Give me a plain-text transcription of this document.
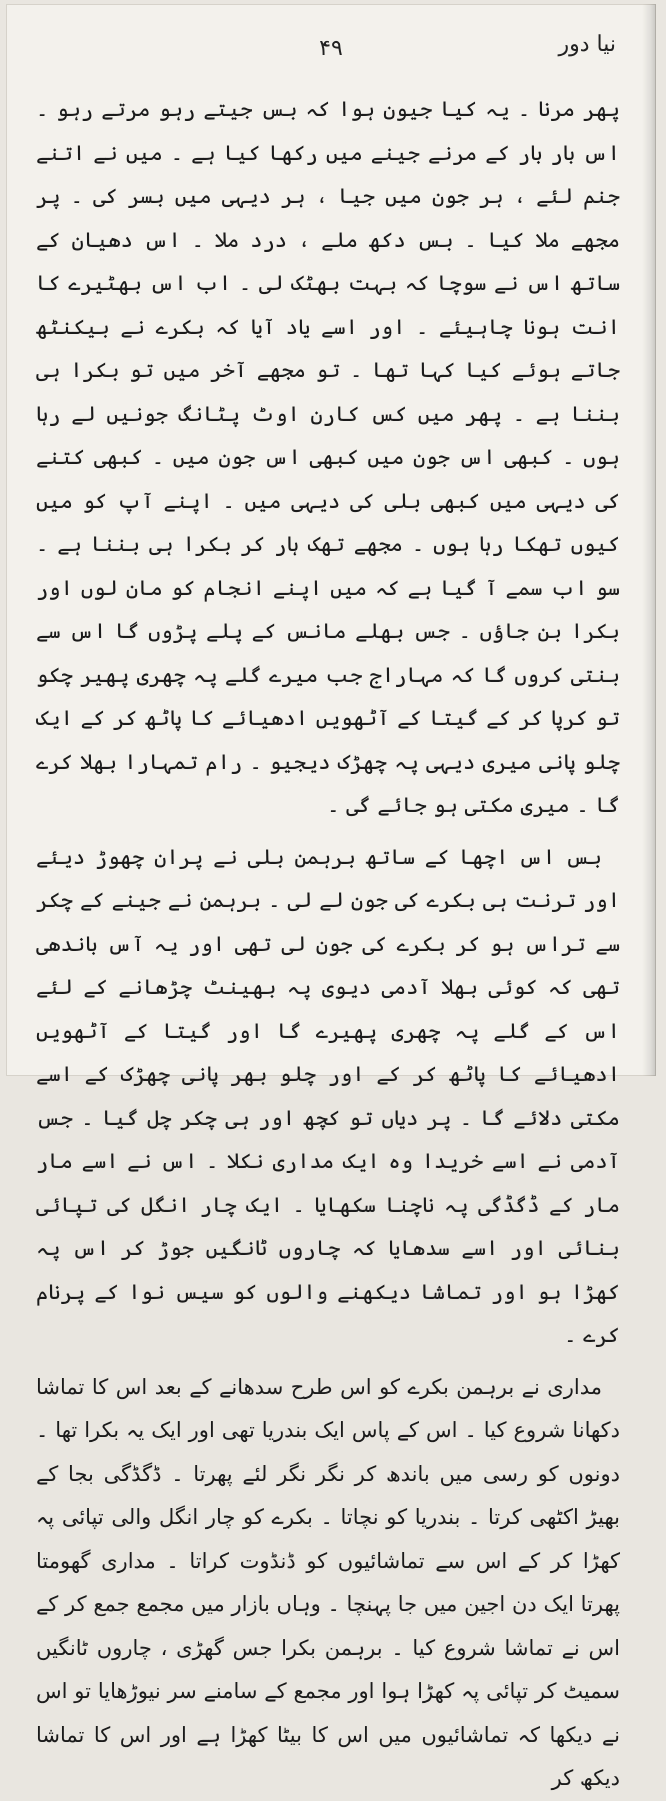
نیا دور
۴۹

پھر مرنا ۔ یہ کیا جیون ہوا کہ بس جیتے رہو مرتے رہو ۔ اس بار بار کے مرنے جینے میں رکھا کیا ہے ۔ میں نے اتنے جنم لئے ، ہر جون میں جیا ، ہر دیہی میں بسر کی ۔ پر مجھے ملا کیا ۔ بس دکھ ملے ، درد ملا ۔ اس دھیان کے ساتھ اس نے سوچا کہ بہت بھٹک لی ۔ اب اس بھٹیرے کا انت ہونا چاہیئے ۔ اور اسے یاد آیا کہ بکرے نے بیکنٹھ جاتے ہوئے کیا کہا تھا ۔ تو مجھے آخر میں تو بکرا ہی بننا ہے ۔ پھر میں کس کارن اوٹ پٹانگ جونیں لے رہا ہوں ۔ کبھی اس جون میں کبھی اس جون میں ۔ کبھی کتنے کی دیہی میں کبھی بلی کی دیہی میں ۔ اپنے آپ کو میں کیوں تھکا رہا ہوں ۔ مجھے تھک ہار کر بکرا ہی بننا ہے ۔ سو اب سمے آ گیا ہے کہ میں اپنے انجام کو مان لوں اور بکرا بن جاؤں ۔ جس بھلے مانس کے پلے پڑوں گا اس سے بنتی کروں گا کہ مہاراج جب میرے گلے پہ چھری پھیر چکو تو کرپا کر کے گیتا کے آٹھویں ادھیائے کا پاٹھ کر کے ایک چلو پانی میری دیہی پہ چھڑک دیجیو ۔ رام تمہارا بھلا کرے گا ۔ میری مکتی ہو جائے گی ۔

بس اس اچھا کے ساتھ برہمن بلی نے پران چھوڑ دیئے اور ترنت ہی بکرے کی جون لے لی ۔ برہمن نے جینے کے چکر سے تراس ہو کر بکرے کی جون لی تھی اور یہ آس باندھی تھی کہ کوئی بھلا آدمی دیوی پہ بھینٹ چڑھانے کے لئے اس کے گلے پہ چھری پھیرے گا اور گیتا کے آٹھویں ادھیائے کا پاٹھ کر کے اور چلو بھر پانی چھڑک کے اسے مکتی دلائے گا ۔ پر دیاں تو کچھ اور ہی چکر چل گیا ۔ جس آدمی نے اسے خریدا وہ ایک مداری نکلا ۔ اس نے اسے مار مار کے ڈگڈگی پہ ناچنا سکھایا ۔ ایک چار انگل کی تپائی بنائی اور اسے سدھایا کہ چاروں ٹانگیں جوڑ کر اس پہ کھڑا ہو اور تماشا دیکھنے والوں کو سیس نوا کے پرنام کرے ۔

مداری نے برہمن بکرے کو اس طرح سدھانے کے بعد اس کا تماشا دکھانا شروع کیا ۔ اس کے پاس ایک بندریا تھی اور ایک یہ بکرا تھا ۔ دونوں کو رسی میں باندھ کر نگر نگر لئے پھرتا ۔ ڈگڈگی بجا کے بھیڑ اکٹھی کرتا ۔ بندریا کو نچاتا ۔ بکرے کو چار انگل والی تپائی پہ کھڑا کر کے اس سے تماشائیوں کو ڈنڈوت کراتا ۔ مداری گھومتا پھرتا ایک دن اجین میں جا پہنچا ۔ وہاں بازار میں مجمع جمع کر کے اس نے تماشا شروع کیا ۔ برہمن بکرا جس گھڑی ، چاروں ٹانگیں سمیٹ کر تپائی پہ کھڑا ہوا اور مجمع کے سامنے سر نیوڑھایا تو اس نے دیکھا کہ تماشائیوں میں اس کا بیٹا کھڑا ہے اور اس کا تماشا دیکھ کر
